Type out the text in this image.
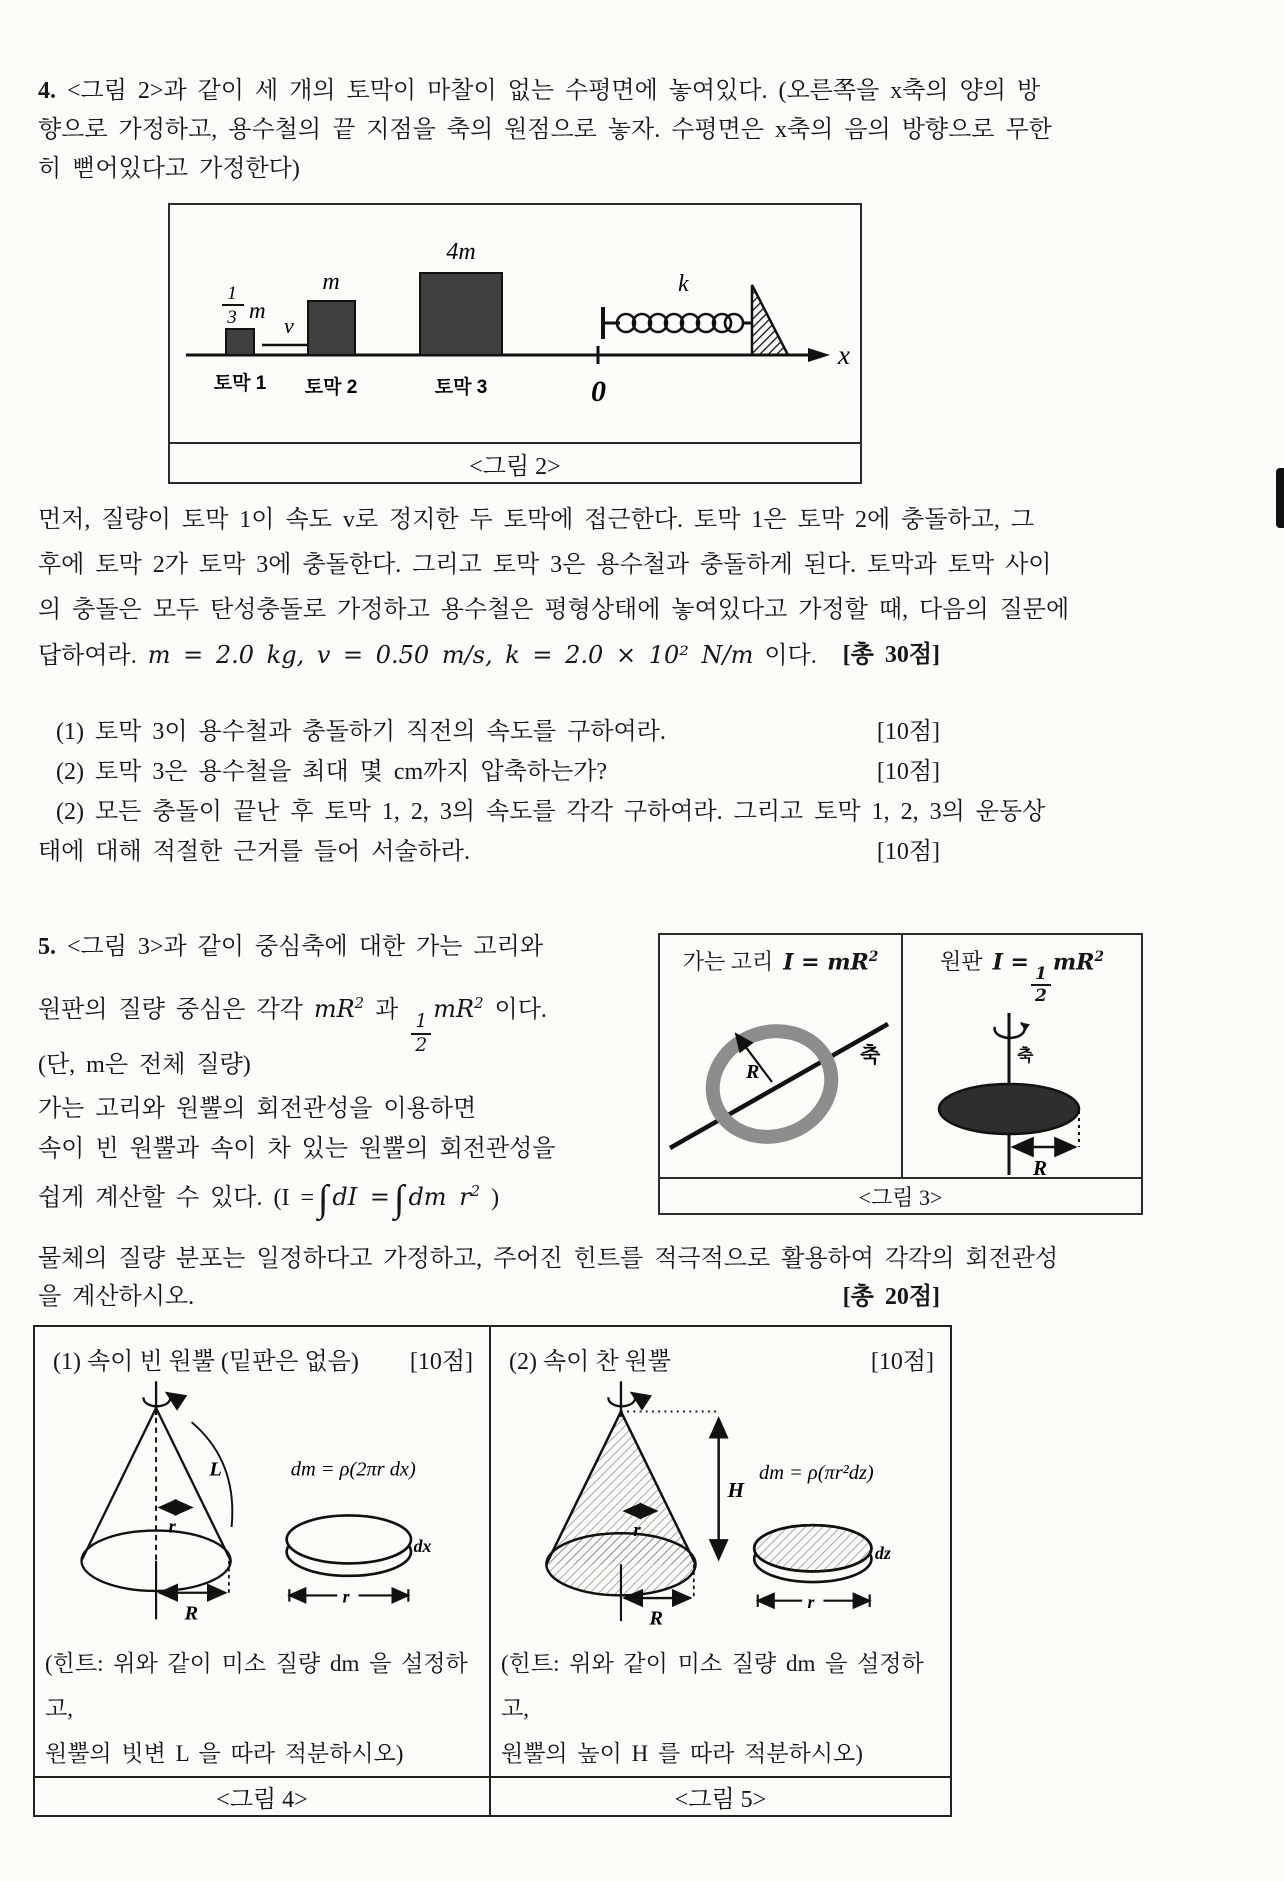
4. <그림 2>과 같이 세 개의 토막이 마찰이 없는 수평면에 놓여있다. (오른쪽을 x축의 양의 방
향으로 가정하고, 용수철의 끝 지점을 축의 원점으로 놓자. 수평면은 x축의 음의 방향으로 무한
히 뻗어있다고 가정한다)
x
1
3 m
v
m
4m
토막 1 토막 2	토막 3	0
k
<그림 2>
먼저, 질량이 토막 1이 속도 v로 정지한 두 토막에 접근한다. 토막 1은 토막 2에 충돌하고, 그
후에 토막 2가 토막 3에 충돌한다. 그리고 토막 3은 용수철과 충돌하게 된다. 토막과 토막 사이
의 충돌은 모두 탄성충돌로 가정하고 용수철은 평형상태에 놓여있다고 가정할 때, 다음의 질문에
답하여라. m = 2.0 kg, v = 0.50 m/s, k = 2.0 × 10² N/m 이다. [총 30점]
(1) 토막 3이 용수철과 충돌하기 직전의 속도를 구하여라.	[10점]
(2) 토막 3은 용수철을 최대 몇 cm까지 압축하는가?	[10점]
(2) 모든 충돌이 끝난 후 토막 1, 2, 3의 속도를 각각 구하여라. 그리고 토막 1, 2, 3의 운동상
태에 대해 적절한 근거를 들어 서술하라.	[10점]
5. <그림 3>과 같이 중심축에 대한 가는 고리와
원판의 질량 중심은 각각 $mR^2$ 과
$\frac{1}{2}$
$mR^2$ 이다.
(단, m은 전체 질량)
가는 고리와 원뿔의 회전관성을 이용하면
속이 빈 원뿔과 속이 차 있는 원뿔의 회전관성을
쉽게 계산할 수 있다. (I = ∫ dI = ∫ dm $r^2$ )
물체의 질량 분포는 일정하다고 가정하고, 주어진 힌트를 적극적으로 활용하여 각각의 회전관성
을 계산하시오.	[총 20점]
가는 고리 $I = mR^2$
R
축
원판 I =
$\frac{1}{2}$
$mR^2$
축
R
<그림 3>
(1) 속이 빈 원뿔 (밑판은 없음) [10점]
r
L
R
dm = ρ(2πr dx)
dx
r
(힌트: 위와 같이 미소 질량 dm 을 설정하고,
원뿔의 빗변 L 을 따라 적분하시오)
<그림 4>
(2) 속이 찬 원뿔	[10점]
H
r
R
dm = ρ(πr²dz)
dz
r
(힌트: 위와 같이 미소 질량 dm 을 설정하고,
원뿔의 높이 H 를 따라 적분하시오)
<그림 5>
